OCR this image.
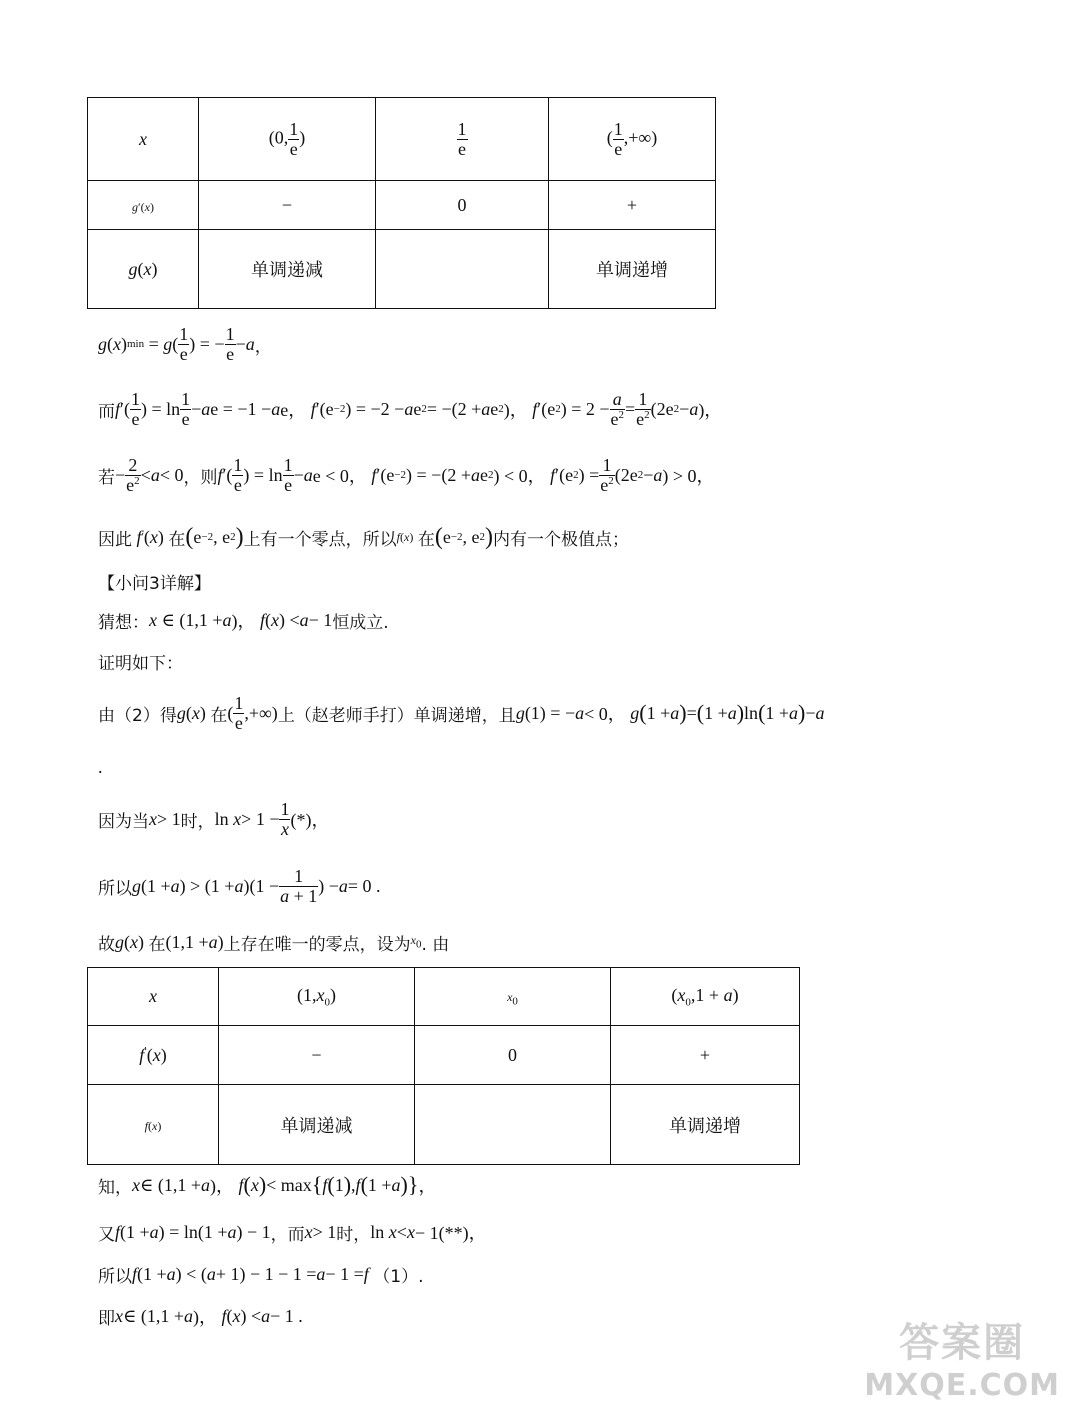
x	(0, $\frac{1}{e}$ )	$\frac{1}{e}$	( $\frac{1}{e}$ ,+∞)
g′(x)	−	0	+
g(x)	单调递减		单调递增
g ( x ) min = g ( $\frac{1}{e}$ ) = − $\frac{1}{e} - a$ ，
而 f ′( $\frac{1}{e}$ ) = $\ln \frac{1}{e} - a$ e = −1 − a e， f ′(e −2 ) = −2 − a e 2 = −(2 + a e 2 )， f ′(e 2 ) = $2 - \frac{a}{e^2} = \frac{1}{e^2} (2e$ 2 − a )，
若 − $\frac{2}{e^2} < a < 0$ ，则 f ′( $\frac{1}{e}$ ) = $\ln \frac{1}{e} - a$ e < 0， f ′(e −2 ) = −(2 + a e 2 ) < 0， f ′(e 2 ) = $\frac{1}{e^2} (2e$ 2 − a ) > 0，
因此
f ′ ( x ) 在 ( e −2 , e 2 ) 上有一个零点，所以 f(x)
在 ( e −2 , e 2 ) 内有一个极值点；
【小问3详解】
猜想： x ∈ (1,1 + a )， f ( x ) < a − 1 恒成立.
证明如下：
由（2）得 g ( x ) 在 ( $\frac{1}{e}$ ,+∞) 上（赵老师手打）单调递增，且 g (1) = − a < 0， g ( 1 + a ) = ( 1 + a ) ln ( 1 + a ) − a
.
因为当 x > 1 时， $\ln x > 1 - \frac{1}{x}$ (*)，
所以 g (1 + a ) > (1 + a )($1 - \frac{1}{a + 1}$ ) − a = 0 .
故 g ( x ) 在 (1,1 + a ) 上存在唯一的零点，设为 $x_0$ . 由
x	$(1,x_0)$	$x_0$	$(x_0,1 + a)$
f′(x)	−	0	+
f(x)	单调递减		单调递增
知， x ∈ (1,1 + a )， f ( x ) < max { f ( 1 ) , f ( 1 + a ) } ，
又 f (1 + a ) = ln(1 + a ) − 1 ，而 x > 1 时， ln x < x − 1(**)，
所以 f (1 + a ) < ( a + 1) − 1 − 1 = a − 1 = f
（1）.
即 x ∈ (1,1 + a )， f ( x ) < a − 1 .
答案圈
MXQE.COM
